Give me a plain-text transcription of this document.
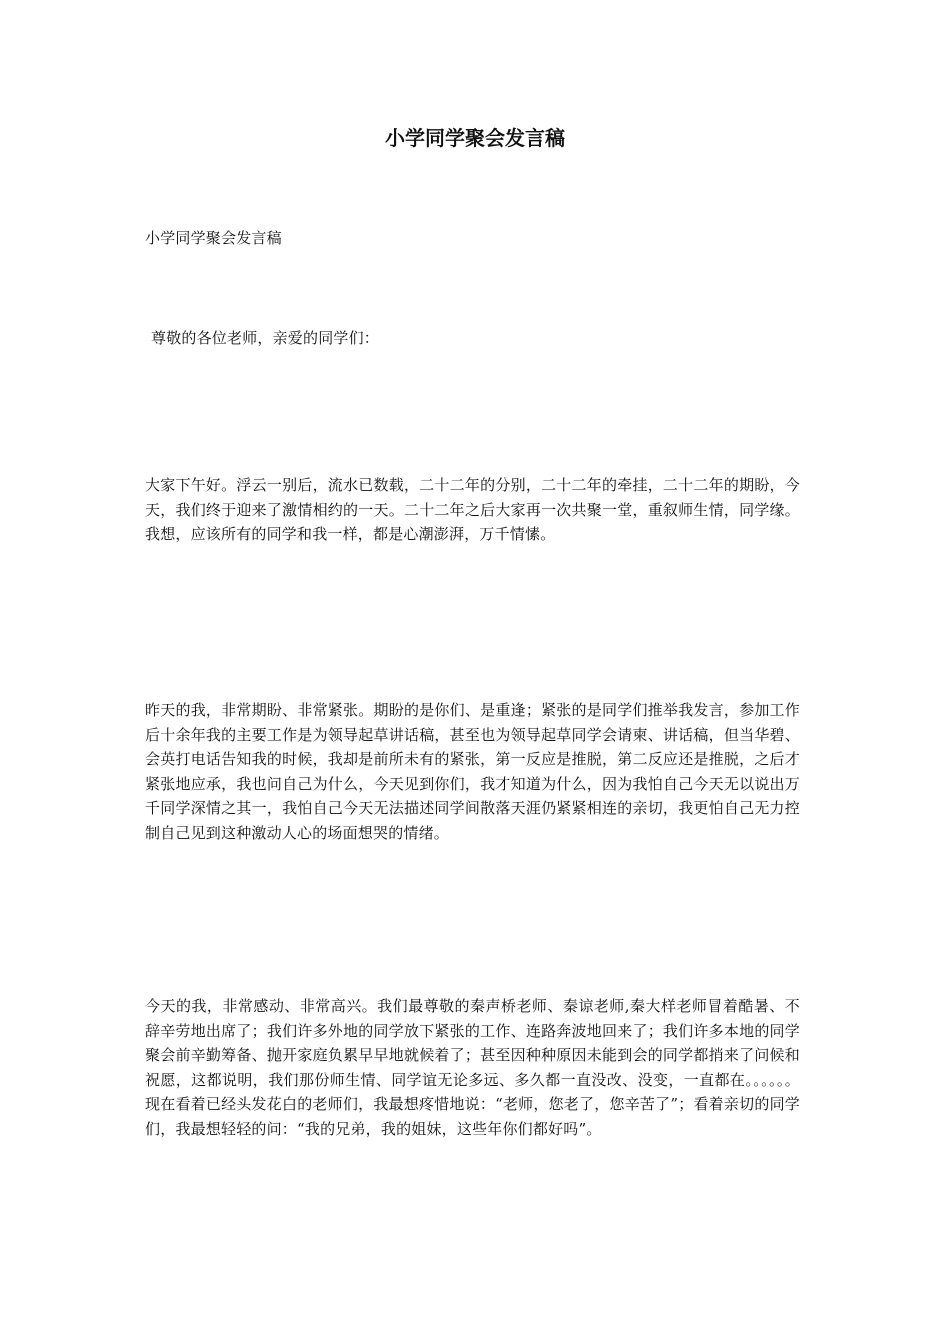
小学同学聚会发言稿

小学同学聚会发言稿

尊敬的各位老师，亲爱的同学们：

大家下午好。浮云一别后，流水已数载，二十二年的分别，二十二年的牵挂，二十二年的期盼，今天，我们终于迎来了激情相约的一天。二十二年之后大家再一次共聚一堂，重叙师生情，同学缘。我想，应该所有的同学和我一样，都是心潮澎湃，万千情愫。

昨天的我，非常期盼、非常紧张。期盼的是你们、是重逢；紧张的是同学们推举我发言，参加工作后十余年我的主要工作是为领导起草讲话稿，甚至也为领导起草同学会请柬、讲话稿，但当华碧、会英打电话告知我的时候，我却是前所未有的紧张，第一反应是推脱，第二反应还是推脱，之后才紧张地应承，我也问自己为什么，今天见到你们，我才知道为什么，因为我怕自己今天无以说出万千同学深情之其一，我怕自己今天无法描述同学间散落天涯仍紧紧相连的亲切，我更怕自己无力控制自己见到这种激动人心的场面想哭的情绪。

今天的我，非常感动、非常高兴。我们最尊敬的秦声桥老师、秦谅老师,秦大样老师冒着酷暑、不辞辛劳地出席了；我们许多外地的同学放下紧张的工作、连路奔波地回来了；我们许多本地的同学聚会前辛勤筹备、抛开家庭负累早早地就候着了；甚至因种种原因未能到会的同学都捎来了问候和祝愿，这都说明，我们那份师生情、同学谊无论多远、多久都一直没改、没变，一直都在。。。。。。现在看着已经头发花白的老师们，我最想疼惜地说：“老师，您老了，您辛苦了”；看着亲切的同学们，我最想轻轻的问：“我的兄弟，我的姐妹，这些年你们都好吗”。
